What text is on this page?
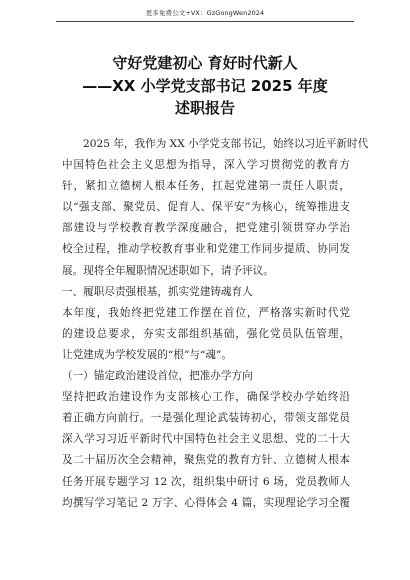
更多免费公文+VX：GzGongWen2024
守好党建初心 育好时代新人
——XX 小学党支部书记 2025 年度
述职报告
2025 年，我作为 XX 小学党支部书记，始终以习近平新时代
中国特色社会主义思想为指导，深入学习贯彻党的教育方
针，紧扣立德树人根本任务，扛起党建第一责任人职责，
以“强支部、聚党员、促育人、保平安”为核心，统筹推进支
部建设与学校教育教学深度融合，把党建引领贯穿办学治
校全过程，推动学校教育事业和党建工作同步提质、协同发
展。现将全年履职情况述职如下，请予评议。
一、履职尽责强根基，抓实党建铸魂育人
本年度，我始终把党建工作摆在首位，严格落实新时代党
的建设总要求，夯实支部组织基础，强化党员队伍管理，
让党建成为学校发展的“根”与“魂”。
（一）锚定政治建设首位，把准办学方向
坚持把政治建设作为支部核心工作，确保学校办学始终沿
着正确方向前行。一是强化理论武装铸初心，带领支部党员
深入学习习近平新时代中国特色社会主义思想、党的二十大
及二十届历次全会精神，聚焦党的教育方针、立德树人根本
任务开展专题学习 12 次，组织集中研讨 6 场，党员教师人
均撰写学习笔记 2 万字、心得体会 4 篇，实现理论学习全覆
